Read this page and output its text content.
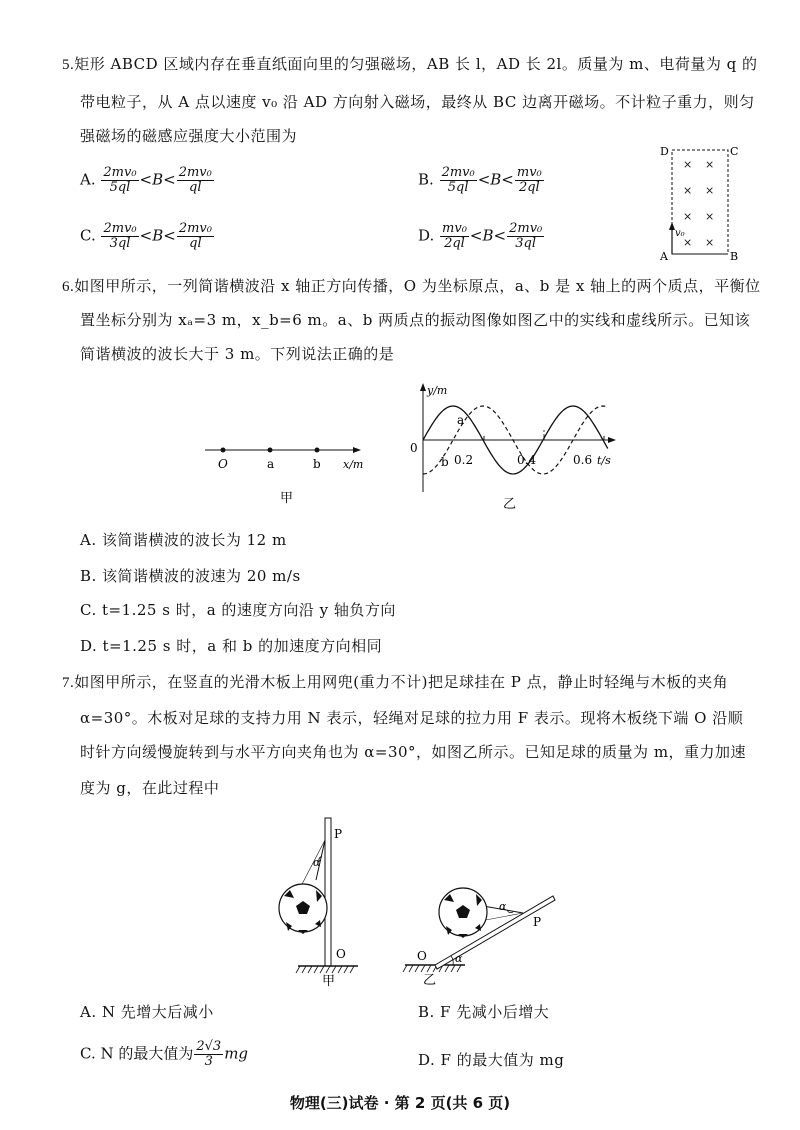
5.矩形 ABCD 区域内存在垂直纸面向里的匀强磁场，AB 长 l，AD 长 2l。质量为 m、电荷量为 q 的
带电粒子，从 A 点以速度 v₀ 沿 AD 方向射入磁场，最终从 BC 边离开磁场。不计粒子重力，则匀
强磁场的磁感应强度大小范围为
A. $\frac{\text{2mv₀}}{5ql} <B< \frac{\text{2mv₀}}{ql}$	B. $\frac{\text{2mv₀}}{5ql} <B< \frac{\text{mv₀}}{2ql}$
C. $\frac{\text{2mv₀}}{3ql} <B< \frac{\text{2mv₀}}{ql}$	D. $\frac{\text{mv₀}}{2ql} <B< \frac{\text{2mv₀}}{3ql}$
× ×
× ×
× ×
× ×
v₀
D	C
A	B
6.如图甲所示，一列简谐横波沿 x 轴正方向传播，O 为坐标原点，a、b 是 x 轴上的两个质点，平衡位
置坐标分别为 xₐ=3 m，x_b=6 m。a、b 两质点的振动图像如图乙中的实线和虚线所示。已知该
简谐横波的波长大于 3 m。下列说法正确的是
O	a	b x/m
甲
y/m
0
a
b 0.2	0.4	0.6 t/s
乙
A. 该简谐横波的波长为 12 m
B. 该简谐横波的波速为 20 m/s
C. t=1.25 s 时，a 的速度方向沿 y 轴负方向
D. t=1.25 s 时，a 和 b 的加速度方向相同
7.如图甲所示，在竖直的光滑木板上用网兜(重力不计)把足球挂在 P 点，静止时轻绳与木板的夹角
α=30°。木板对足球的支持力用 N 表示，轻绳对足球的拉力用 F 表示。现将木板绕下端 O 沿顺
时针方向缓慢旋转到与水平方向夹角也为 α=30°，如图乙所示。已知足球的质量为 m，重力加速
度为 g，在此过程中
P
α
O
甲
α
P
O	α
乙
A. N 先增大后减小	B. F 先减小后增大
C. N 的最大值为 $\frac{2√3}{3}$ mg	D. F 的最大值为 mg
物理(三)试卷 · 第 2 页(共 6 页)
